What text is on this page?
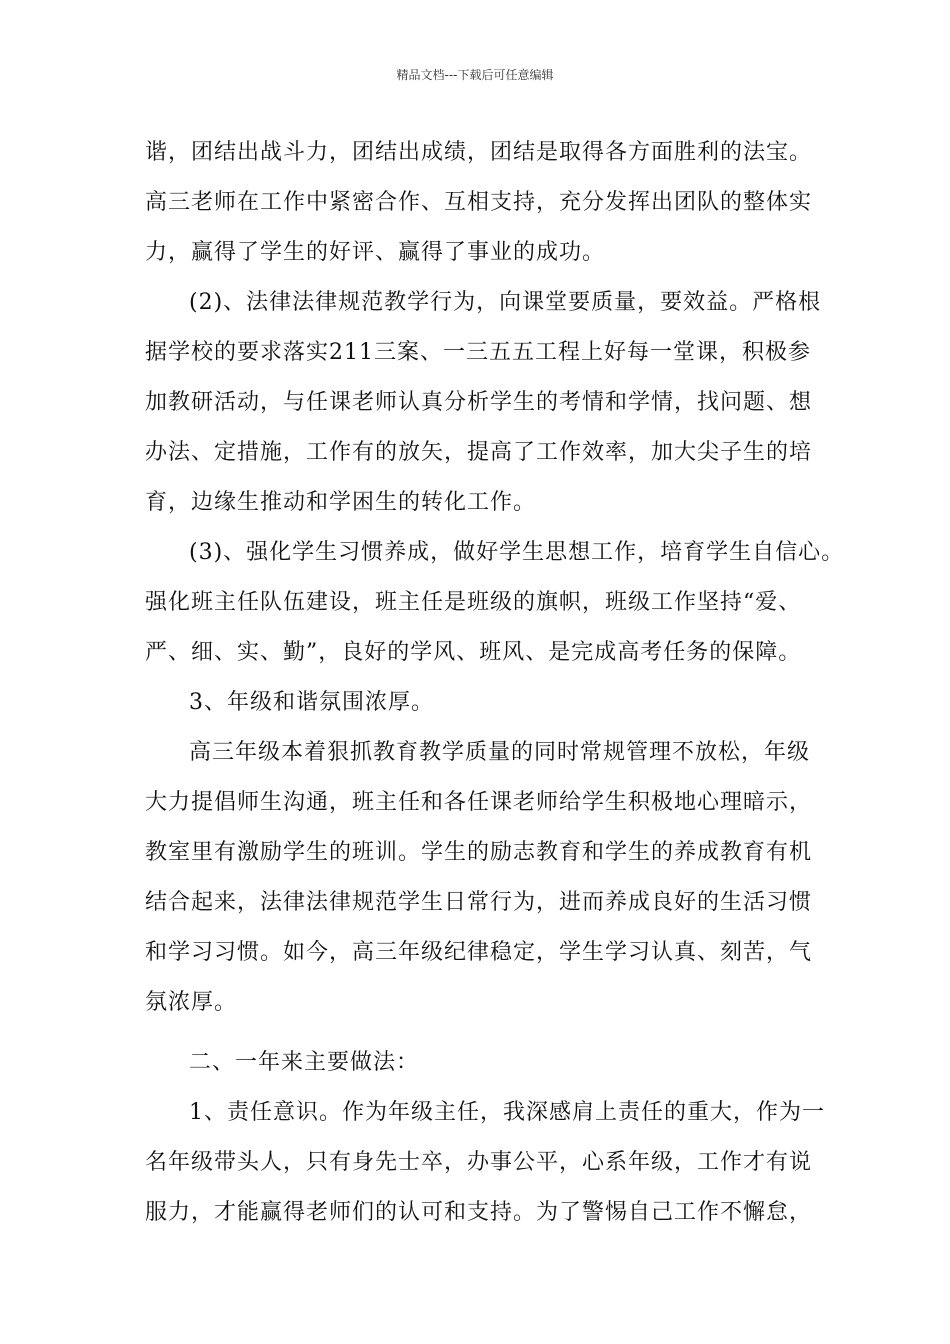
精品文档---下载后可任意编辑
谐，团结出战斗力，团结出成绩，团结是取得各方面胜利的法宝。
高三老师在工作中紧密合作、互相支持，充分发挥出团队的整体实
力，赢得了学生的好评、赢得了事业的成功。
(2)、法律法律规范教学行为，向课堂要质量，要效益。严格根
据学校的要求落实211三案、一三五五工程上好每一堂课，积极参
加教研活动，与任课老师认真分析学生的考情和学情，找问题、想
办法、定措施，工作有的放矢，提高了工作效率，加大尖子生的培
育，边缘生推动和学困生的转化工作。
(3)、强化学生习惯养成，做好学生思想工作，培育学生自信心。
强化班主任队伍建设，班主任是班级的旗帜，班级工作坚持“爱、
严、细、实、勤”，良好的学风、班风、是完成高考任务的保障。
3、年级和谐氛围浓厚。
高三年级本着狠抓教育教学质量的同时常规管理不放松，年级
大力提倡师生沟通，班主任和各任课老师给学生积极地心理暗示，
教室里有激励学生的班训。学生的励志教育和学生的养成教育有机
结合起来，法律法律规范学生日常行为，进而养成良好的生活习惯
和学习习惯。如今，高三年级纪律稳定，学生学习认真、刻苦，气
氛浓厚。
二、一年来主要做法：
1、责任意识。作为年级主任，我深感肩上责任的重大，作为一
名年级带头人，只有身先士卒，办事公平，心系年级，工作才有说
服力，才能赢得老师们的认可和支持。为了警惕自己工作不懈怠，
